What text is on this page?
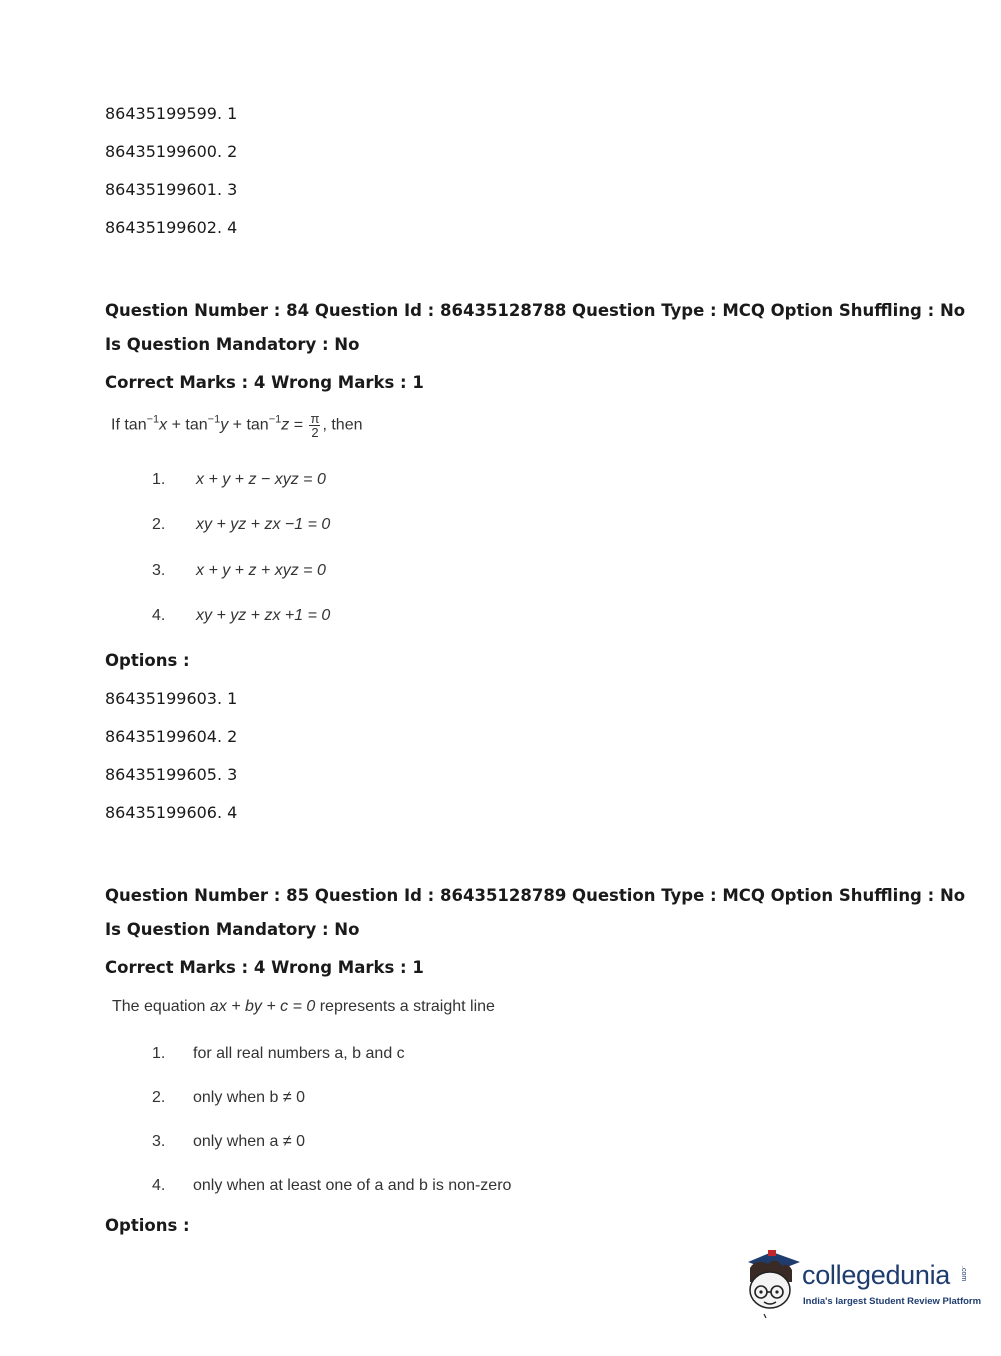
86435199599. 1
86435199600. 2
86435199601. 3
86435199602. 4
Question Number : 84 Question Id : 86435128788 Question Type : MCQ Option Shuffling : No
Is Question Mandatory : No
Correct Marks : 4 Wrong Marks : 1
If $\tan^{-1}x + \tan^{-1}y + \tan^{-1}z = \frac{\pi}{2}$ , then
1. x + y + z − xyz = 0
2. xy + yz + zx −1 = 0
3. x + y + z + xyz = 0
4. xy + yz + zx +1 = 0
Options :
86435199603. 1
86435199604. 2
86435199605. 3
86435199606. 4
Question Number : 85 Question Id : 86435128789 Question Type : MCQ Option Shuffling : No
Is Question Mandatory : No
Correct Marks : 4 Wrong Marks : 1
The equation ax + by + c = 0 represents a straight line
1. for all real numbers a, b and c
2. only when b ≠ 0
3. only when a ≠ 0
4. only when at least one of a and b is non-zero
Options :
collegedunia .com
India's largest Student Review Platform
